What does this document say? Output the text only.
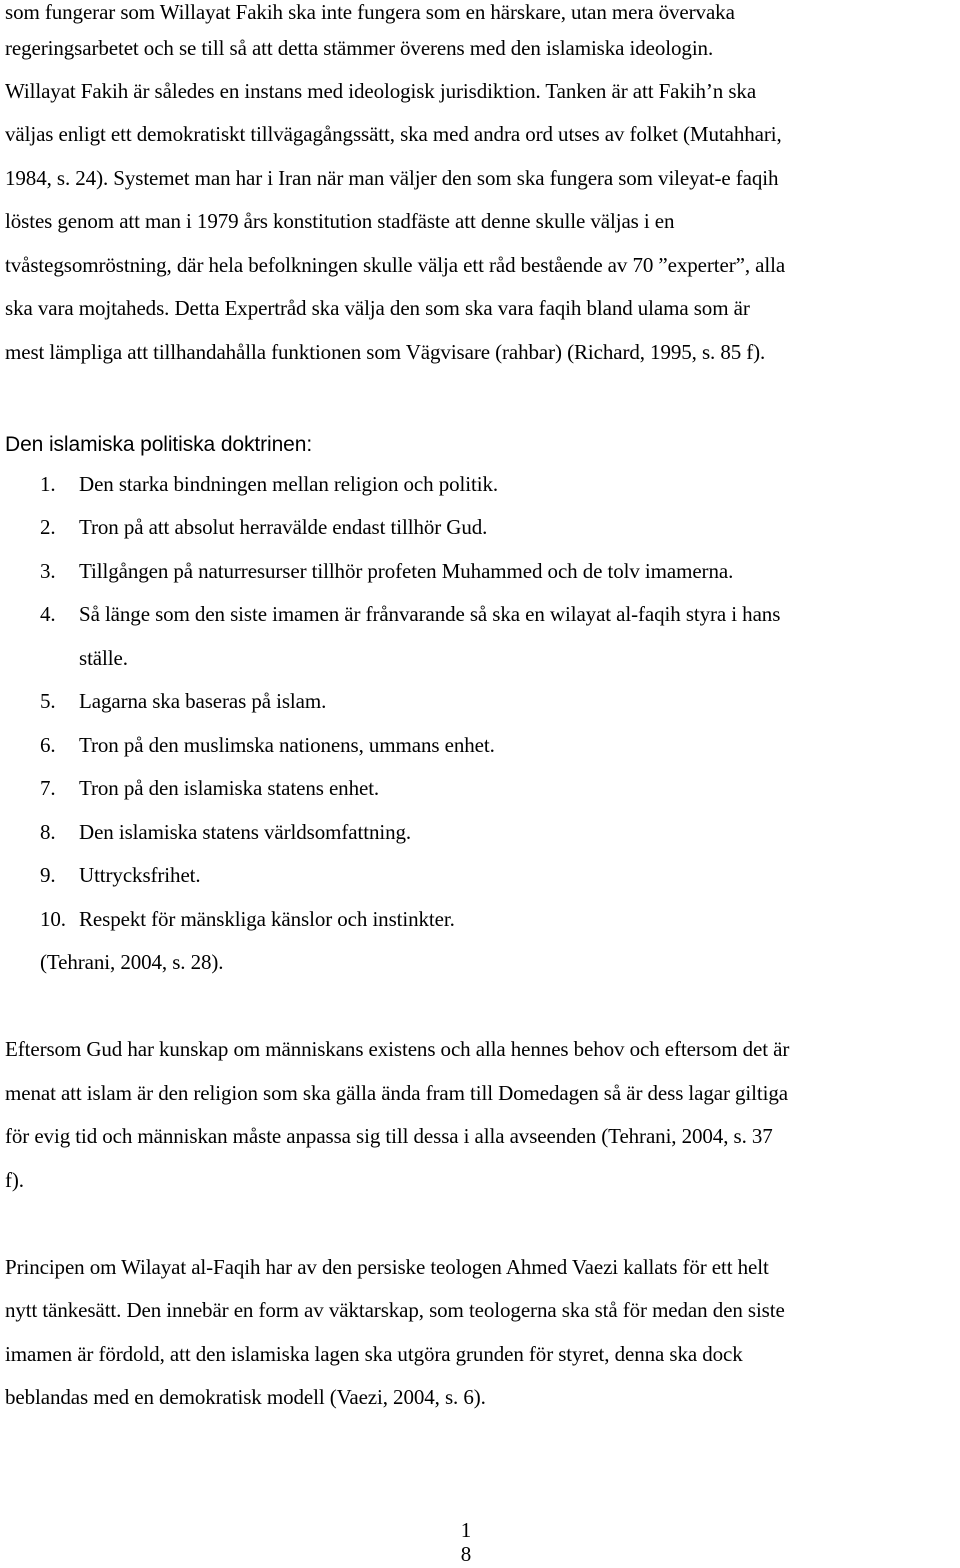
som fungerar som Willayat Fakih ska inte fungera som en härskare, utan mera övervaka
regeringsarbetet och se till så att detta stämmer överens med den islamiska ideologin.
Willayat Fakih är således en instans med ideologisk jurisdiktion. Tanken är att Fakih’n ska
väljas enligt ett demokratiskt tillvägagångssätt, ska med andra ord utses av folket (Mutahhari,
1984, s. 24). Systemet man har i Iran när man väljer den som ska fungera som vileyat-e faqih
löstes genom att man i 1979 års konstitution stadfäste att denne skulle väljas i en
tvåstegsomröstning, där hela befolkningen skulle välja ett råd bestående av 70 ”experter”, alla
ska vara mojtaheds. Detta Expertråd ska välja den som ska vara faqih bland ulama som är
mest lämpliga att tillhandahålla funktionen som Vägvisare (rahbar) (Richard, 1995, s. 85 f).
Den islamiska politiska doktrinen:
1. Den starka bindningen mellan religion och politik.
2. Tron på att absolut herravälde endast tillhör Gud.
3. Tillgången på naturresurser tillhör profeten Muhammed och de tolv imamerna.
4. Så länge som den siste imamen är frånvarande så ska en wilayat al-faqih styra i hans
ställe.
5. Lagarna ska baseras på islam.
6. Tron på den muslimska nationens, ummans enhet.
7. Tron på den islamiska statens enhet.
8. Den islamiska statens världsomfattning.
9. Uttrycksfrihet.
10. Respekt för mänskliga känslor och instinkter.
(Tehrani, 2004, s. 28).
Eftersom Gud har kunskap om människans existens och alla hennes behov och eftersom det är
menat att islam är den religion som ska gälla ända fram till Domedagen så är dess lagar giltiga
för evig tid och människan måste anpassa sig till dessa i alla avseenden (Tehrani, 2004, s. 37
f).
Principen om Wilayat al-Faqih har av den persiske teologen Ahmed Vaezi kallats för ett helt
nytt tänkesätt. Den innebär en form av väktarskap, som teologerna ska stå för medan den siste
imamen är fördold, att den islamiska lagen ska utgöra grunden för styret, denna ska dock
beblandas med en demokratisk modell (Vaezi, 2004, s. 6).
1
8
